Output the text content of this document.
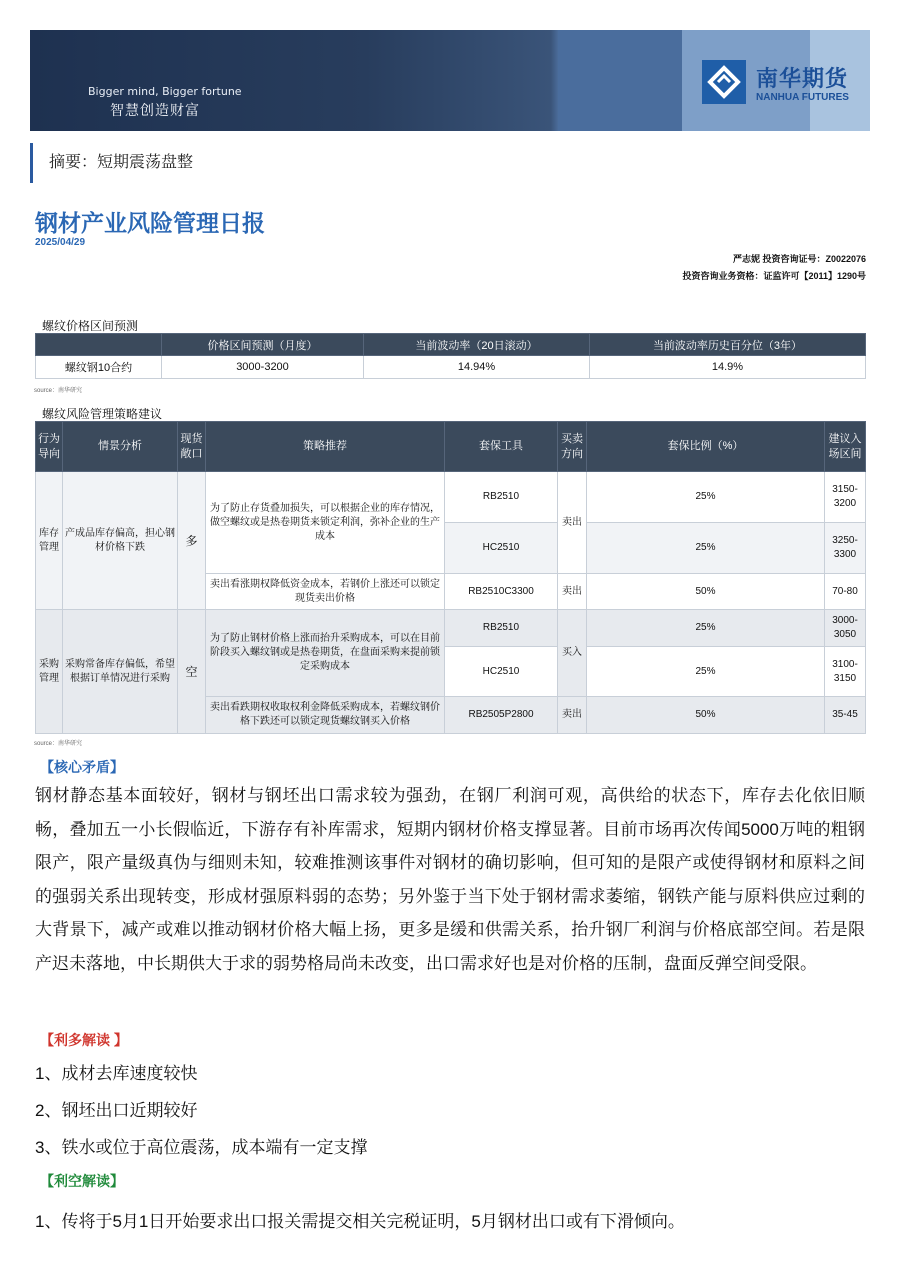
Bigger mind, Bigger fortune
智慧创造财富
南华期货
NANHUA FUTURES
摘要：短期震荡盘整
钢材产业风险管理日报
2025/04/29
严志妮 投资咨询证号：Z0022076
投资咨询业务资格：证监许可【2011】1290号
螺纹价格区间预测
	价格区间预测（月度）	当前波动率（20日滚动）	当前波动率历史百分位（3年）
螺纹钢10合约	3000-3200	14.94%	14.9%
source：南华研究
螺纹风险管理策略建议
行为导向	情景分析	现货敞口	策略推荐	套保工具	买卖方向	套保比例（%）	建议入场区间
库存管理	产成品库存偏高，担心钢材价格下跌	多	为了防止存货叠加损失，可以根据企业的库存情况，做空螺纹或是热卷期货来锁定利润，弥补企业的生产成本	RB2510	卖出	25%	3150-3200
				HC2510		25%	3250-3300
			卖出看涨期权降低资金成本，若钢价上涨还可以锁定现货卖出价格	RB2510C3300	卖出	50%	70-80
采购管理	采购常备库存偏低，希望根据订单情况进行采购	空	为了防止钢材价格上涨而抬升采购成本，可以在目前阶段买入螺纹钢或是热卷期货，在盘面采购来提前锁定采购成本	RB2510	买入	25%	3000-3050
				HC2510		25%	3100-3150
			卖出看跌期权收取权利金降低采购成本，若螺纹钢价格下跌还可以锁定现货螺纹钢买入价格	RB2505P2800	卖出	50%	35-45
source：南华研究
【核心矛盾】
钢材静态基本面较好，钢材与钢坯出口需求较为强劲，在钢厂利润可观，高供给的状态下，库存去化依旧顺畅，叠加五一小长假临近，下游存有补库需求，短期内钢材价格支撑显著。目前市场再次传闻5000万吨的粗钢限产，限产量级真伪与细则未知，较难推测该事件对钢材的确切影响，但可知的是限产或使得钢材和原料之间的强弱关系出现转变，形成材强原料弱的态势；另外鉴于当下处于钢材需求萎缩，钢铁产能与原料供应过剩的大背景下，减产或难以推动钢材价格大幅上扬，更多是缓和供需关系，抬升钢厂利润与价格底部空间。若是限产迟未落地，中长期供大于求的弱势格局尚未改变，出口需求好也是对价格的压制，盘面反弹空间受限。
【利多解读 】
1、成材去库速度较快
2、钢坯出口近期较好
3、铁水或位于高位震荡，成本端有一定支撑
【利空解读】
1、传将于5月1日开始要求出口报关需提交相关完税证明，5月钢材出口或有下滑倾向。
